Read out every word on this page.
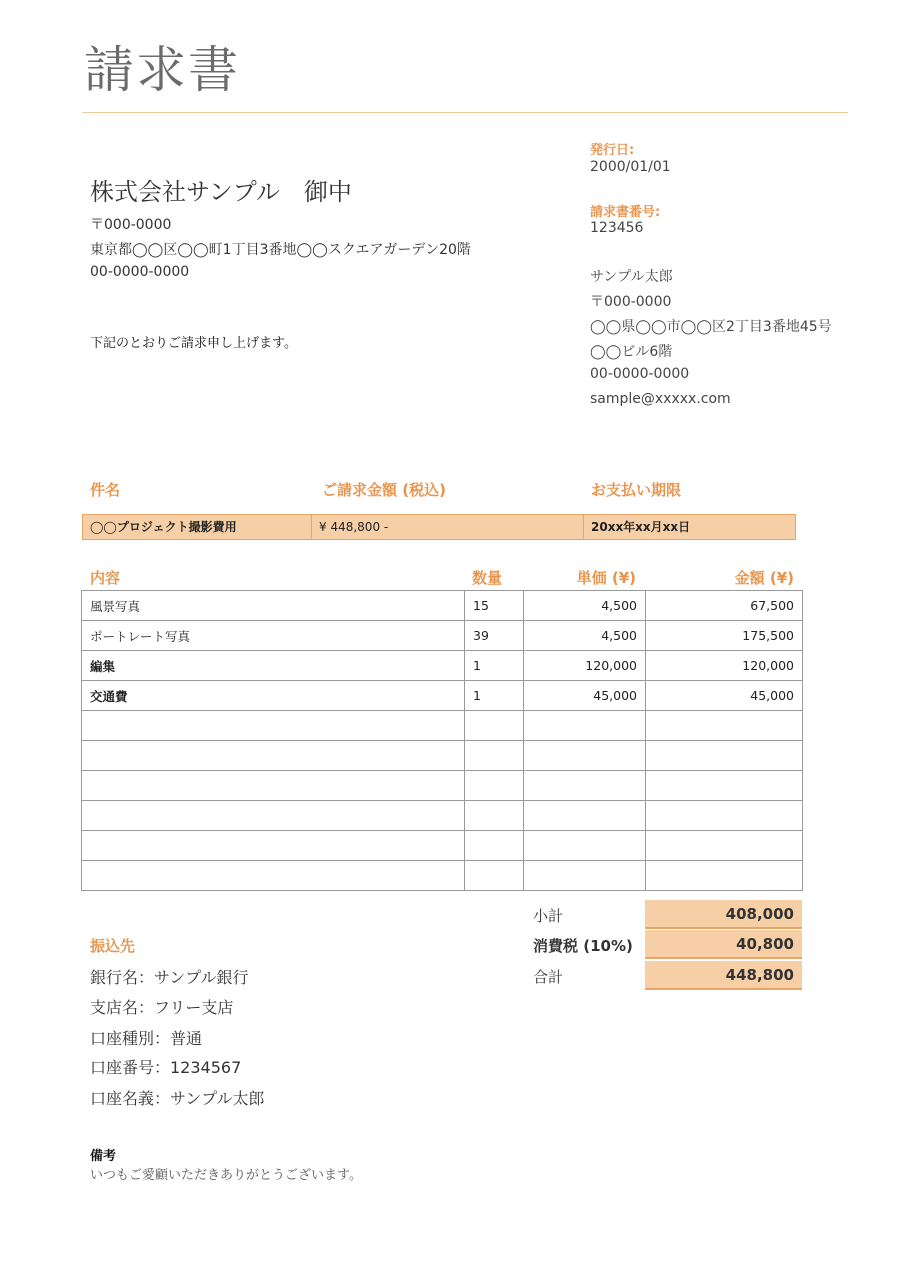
請求書
発行日:
2000/01/01
請求書番号:
123456
サンプル太郎
〒000-0000
◯◯県◯◯市◯◯区2丁目3番地45号
◯◯ビル6階
00-0000-0000
sample@xxxxx.com
株式会社サンプル　御中
〒000-0000
東京都◯◯区◯◯町1丁目3番地◯◯スクエアガーデン20階
00-0000-0000
下記のとおりご請求申し上げます。
件名	ご請求金額 (税込)	お支払い期限
◯◯プロジェクト撮影費用	¥ 448,800 -	20xx年xx月xx日
内容	数量	単価 (¥)	金額 (¥)
風景写真	15	4,500	67,500
ポートレート写真	39	4,500	175,500
編集	1	120,000	120,000
交通費	1	45,000	45,000

小計	408,000
消費税 (10%)	40,800
合計	448,800
振込先
銀行名：サンプル銀行
支店名：フリー支店
口座種別：普通
口座番号：1234567
口座名義：サンプル太郎
備考
いつもご愛顧いただきありがとうございます。
